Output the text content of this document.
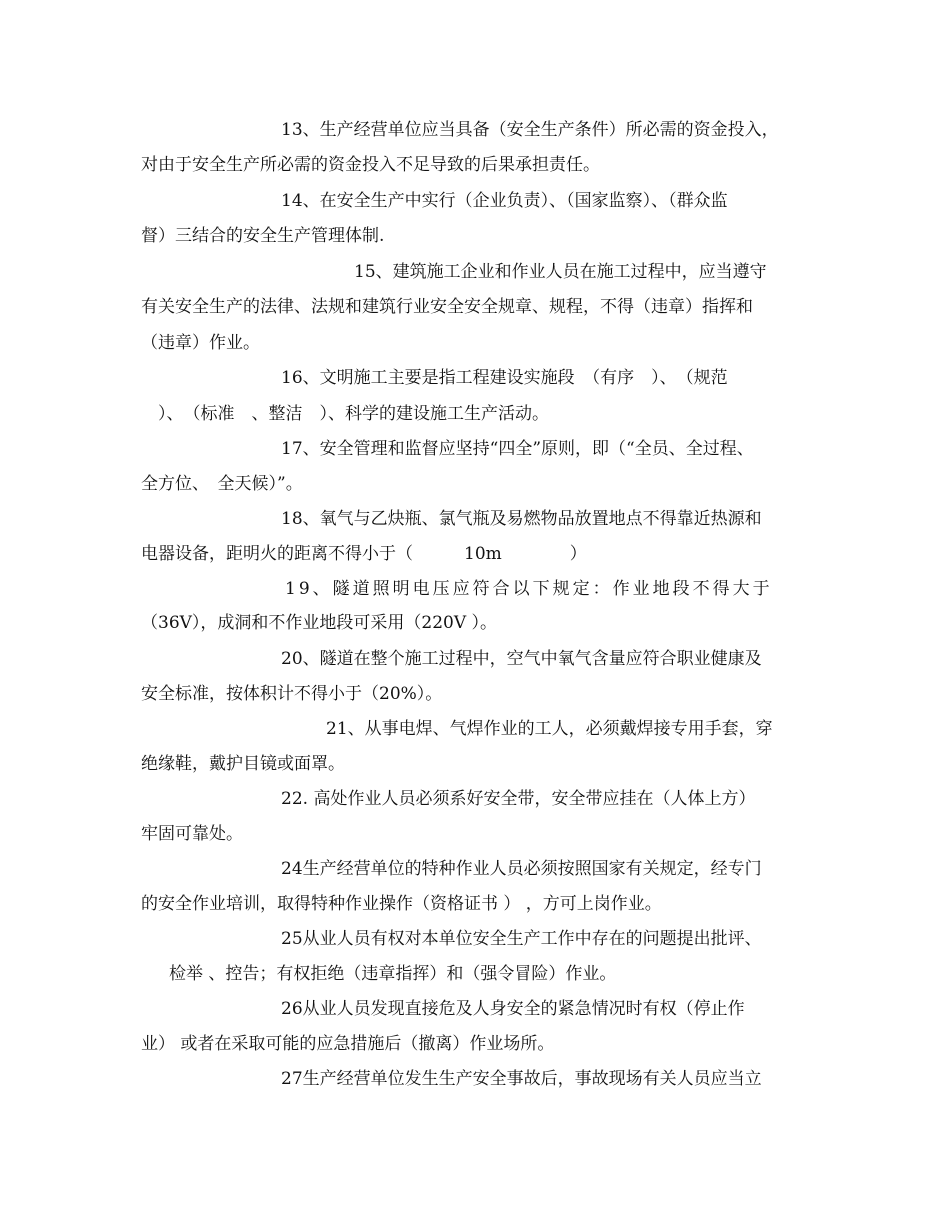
13、生产经营单位应当具备（安全生产条件）所必需的资金投入，
对由于安全生产所必需的资金投入不足导致的后果承担责任。
14、在安全生产中实行（企业负责）、（国家监察）、（群众监
督）三结合的安全生产管理体制.
15、建筑施工企业和作业人员在施工过程中，应当遵守
有关安全生产的法律、法规和建筑行业安全安全规章、规程，不得（违章）指挥和
（违章）作业。
16、文明施工主要是指工程建设实施段　（有序　）、　（规范
　）、　（标准　、整洁　）、科学的建设施工生产活动。
17、安全管理和监督应坚持“四全”原则，即（“全员、全过程、
全方位、　全天候）”。
18、氧气与乙炔瓶、氯气瓶及易燃物品放置地点不得靠近热源和
电器设备，距明火的距离不得小于（　　　10m　　　　）
19、隧道照明电压应符合以下规定：作业地段不得大于
（36V），成洞和不作业地段可采用（220V ）。
20、隧道在整个施工过程中，空气中氧气含量应符合职业健康及
安全标准，按体积计不得小于（20%）。
21、从事电焊、气焊作业的工人，必须戴焊接专用手套，穿
绝缘鞋，戴护目镜或面罩。
22. 高处作业人员必须系好安全带，安全带应挂在（人体上方）
牢固可靠处。
24生产经营单位的特种作业人员必须按照国家有关规定，经专门
的安全作业培训，取得特种作业操作（资格证书 ） ，方可上岗作业。
25从业人员有权对本单位安全生产工作中存在的问题提出批评、
检举 、控告；有权拒绝（违章指挥）和（强令冒险）作业。
26从业人员发现直接危及人身安全的紧急情况时有权（停止作
业） 或者在采取可能的应急措施后（撤离）作业场所。
27生产经营单位发生生产安全事故后，事故现场有关人员应当立
